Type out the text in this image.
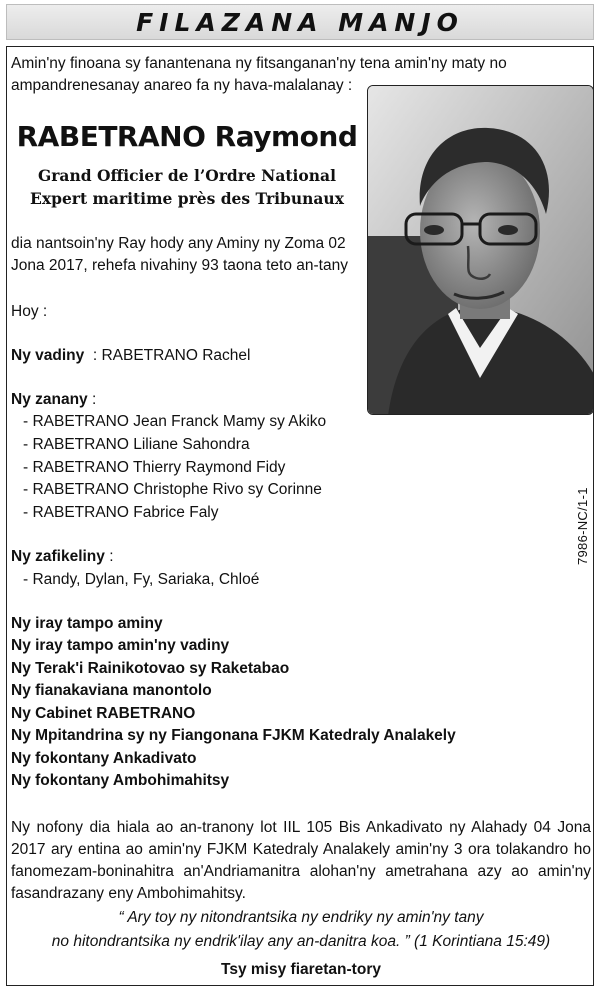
FILAZANA MANJO

Amin'ny finoana sy fanantenana ny fitsanganan'ny tena amin'ny maty no ampandrenesanay anareo fa ny hava-malalanay :

RABETRANO Raymond

Grand Officier de l’Ordre National

Expert maritime près des Tribunaux

dia nantsoin'ny Ray hody any Aminy ny Zoma 02 Jona 2017, rehefa nivahiny 93 taona teto an-tany

Hoy :

Ny vadiny : RABETRANO Rachel

Ny zanany :

- RABETRANO Jean Franck Mamy sy Akiko

- RABETRANO Liliane Sahondra

- RABETRANO Thierry Raymond Fidy

- RABETRANO Christophe Rivo sy Corinne

- RABETRANO Fabrice Faly

Ny zafikeliny :

- Randy, Dylan, Fy, Sariaka, Chloé

Ny iray tampo aminy

Ny iray tampo amin'ny vadiny

Ny Terak'i Rainikotovao sy Raketabao

Ny fianakaviana manontolo

Ny Cabinet RABETRANO

Ny Mpitandrina sy ny Fiangonana FJKM Katedraly Analakely

Ny fokontany Ankadivato

Ny fokontany Ambohimahitsy

7986-NC/1-1

Ny nofony dia hiala ao an-tranony lot IIL 105 Bis Ankadivato ny Alahady 04 Jona 2017 ary entina ao amin'ny FJKM Katedraly Analakely amin'ny 3 ora tolakandro ho fanomezam-boninahitra an'Andriamanitra alohan'ny ametrahana azy ao amin'ny fasandrazany eny Ambohimahitsy.

“ Ary toy ny nitondrantsika ny endriky ny amin'ny tany

no hitondrantsika ny endrik'ilay any an-danitra koa. ” (1 Korintiana 15:49)

Tsy misy fiaretan-tory
